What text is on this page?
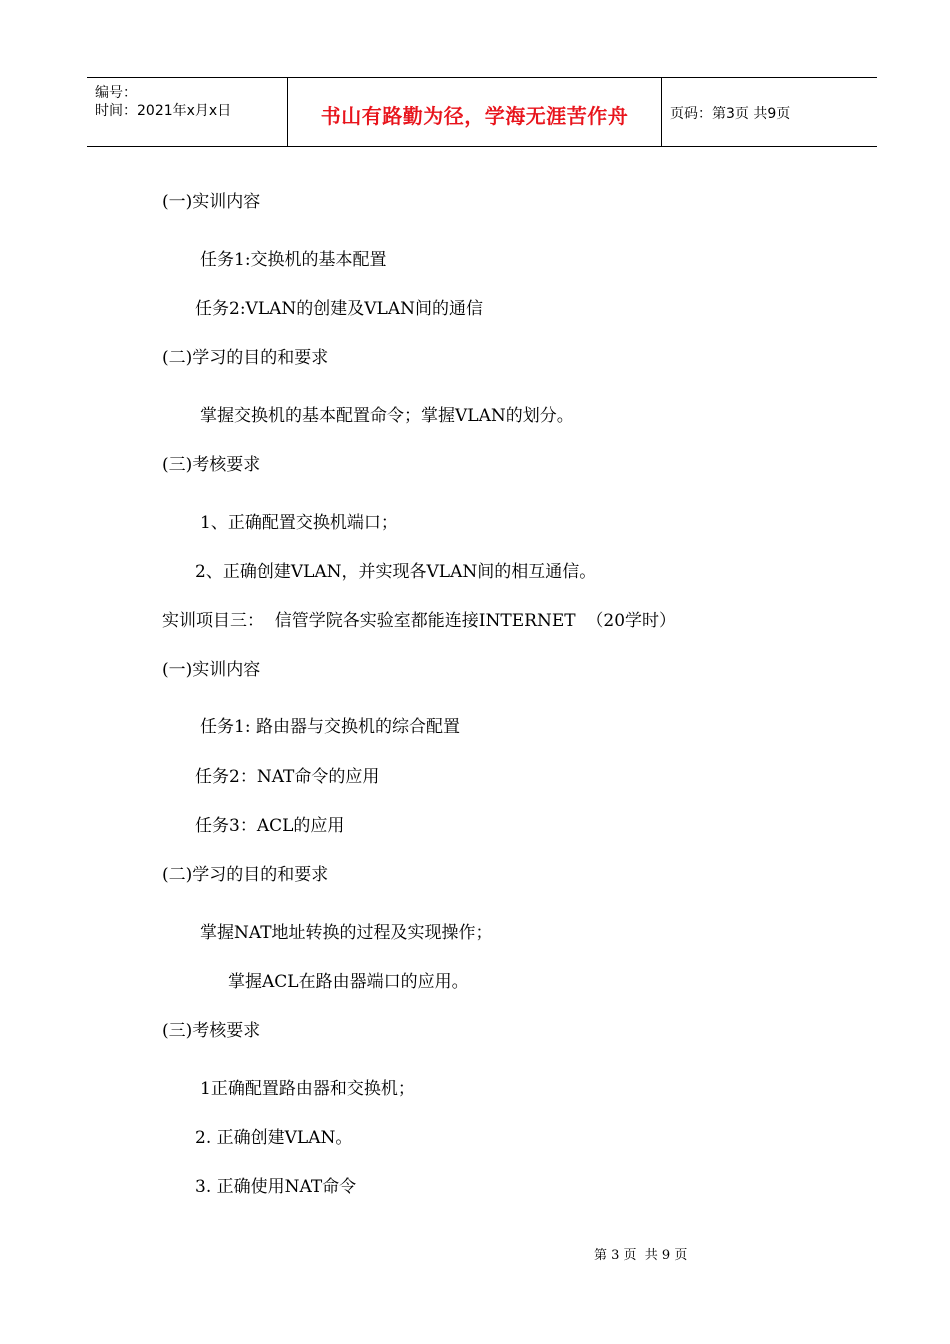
编号：
时间：2021年x月x日	书山有路勤为径，学海无涯苦作舟	页码：第3页 共9页
(一)实训内容
任务1:交换机的基本配置
任务2:VLAN的创建及VLAN间的通信
(二)学习的目的和要求
掌握交换机的基本配置命令；掌握VLAN的划分。
(三)考核要求
1、正确配置交换机端口；
2、正确创建VLAN，并实现各VLAN间的相互通信。
实训项目三：  信管学院各实验室都能连接INTERNET  （20学时）
(一)实训内容
任务1: 路由器与交换机的综合配置
任务2：NAT命令的应用
任务3：ACL的应用
(二)学习的目的和要求
掌握NAT地址转换的过程及实现操作；
掌握ACL在路由器端口的应用。
(三)考核要求
1正确配置路由器和交换机；
2. 正确创建VLAN。
3. 正确使用NAT命令
第 3 页  共 9 页
